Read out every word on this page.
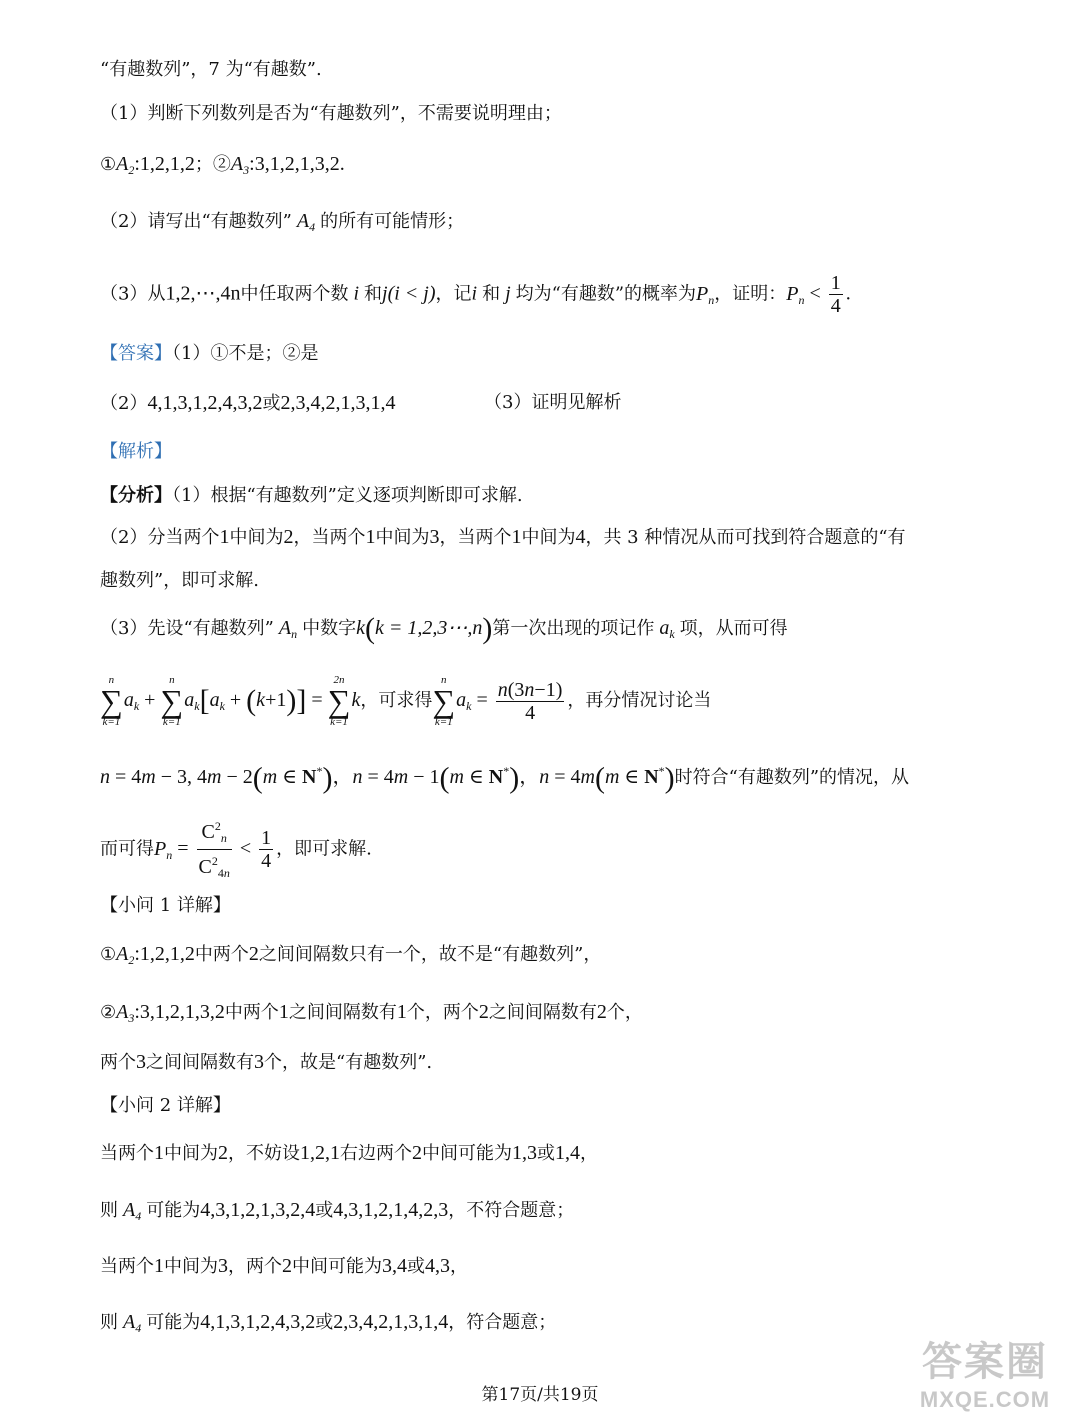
“有趣数列”，7 为“有趣数”.
（1）判断下列数列是否为“有趣数列”，不需要说明理由；
$①A_2:1,2,1,2$；$②A_3:3,1,2,1,3,2$.
（2）请写出“有趣数列” $A_4$ 的所有可能情形；
（3）从1,2,⋯,4n中任取两个数 i 和j(i < j)，记i 和 j 均为“有趣数”的概率为$P_n$，证明：$P_n < \frac{1}{4}$ .
【答案】（1）①不是；②是
（2）4,1,3,1,2,4,3,2或2,3,4,2,1,3,1,4	（3）证明见解析
【解析】
【分析】（1）根据“有趣数列”定义逐项判断即可求解.
（2）分当两个1中间为2，当两个1中间为3，当两个1中间为4，共 3 种情况从而可找到符合题意的“有
趣数列”，即可求解.
（3）先设“有趣数列” $A_n$ 中数字k(k = 1,2,3⋯,n)第一次出现的项记作 $a_k$ 项，从而可得
n
∑
k=1
$a_k$ +
n
∑
k=1
$a_k[a_k + (k+1)]$ =
2n
∑
k=1
k，可求得
n
∑
k=1
$a_k = \frac{n(3n-1)}{4}$ ，再分情况讨论当
n = 4m − 3, 4m − 2(m ∈ N*)，n = 4m − 1(m ∈ N*)，n = 4m(m ∈ N*)时符合“有趣数列”的情况，从
而可得$P_n = \frac{C^2_n}{C^2_{4n}} < \frac{1}{4}$ ，即可求解.
【小问 1 详解】
$①A_2:1,2,1,2$中两个2之间间隔数只有一个，故不是“有趣数列”，
$②A_3:3,1,2,1,3,2$中两个1之间间隔数有1个，两个2之间间隔数有2个，
两个3之间间隔数有3个，故是“有趣数列”.
【小问 2 详解】
当两个1中间为2，不妨设1,2,1右边两个2中间可能为1,3或1,4，
则 $A_4$ 可能为4,3,1,2,1,3,2,4或4,3,1,2,1,4,2,3，不符合题意；
当两个1中间为3，两个2中间可能为3,4或4,3，
则 $A_4$ 可能为4,1,3,1,2,4,3,2或2,3,4,2,1,3,1,4，符合题意；
第17页/共19页
答案圈
MXQE.COM
